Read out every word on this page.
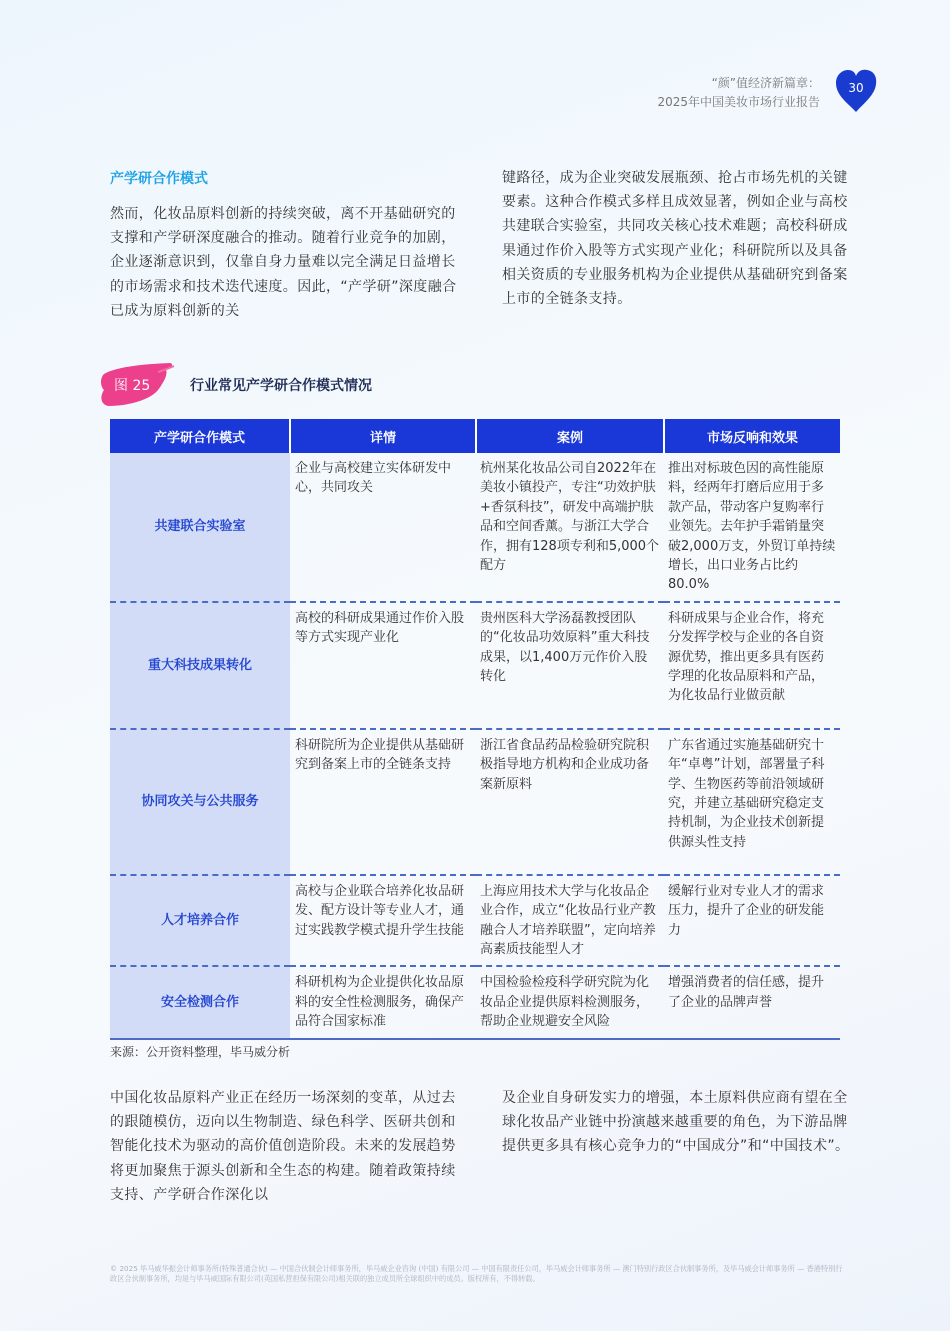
“颜”值经济新篇章：
2025年中国美妆市场行业报告
30
产学研合作模式
然而，化妆品原料创新的持续突破，离不开基础研究的支撑和产学研深度融合的推动。随着行业竞争的加剧，企业逐渐意识到，仅靠自身力量难以完全满足日益增长的市场需求和技术迭代速度。因此，“产学研”深度融合已成为原料创新的关
键路径，成为企业突破发展瓶颈、抢占市场先机的关键要素。这种合作模式多样且成效显著，例如企业与高校共建联合实验室，共同攻关核心技术难题；高校科研成果通过作价入股等方式实现产业化；科研院所以及具备相关资质的专业服务机构为企业提供从基础研究到备案上市的全链条支持。
图 25	行业常见产学研合作模式情况
产学研合作模式	详情	案例	市场反响和效果
共建联合实验室	企业与高校建立实体研发中心，共同攻关	杭州某化妆品公司自2022年在美妆小镇投产，专注“功效护肤+香氛科技”，研发中高端护肤品和空间香薰。与浙江大学合作，拥有128项专利和5,000个配方	推出对标玻色因的高性能原料，经两年打磨后应用于多款产品，带动客户复购率行业领先。去年护手霜销量突破2,000万支，外贸订单持续增长，出口业务占比约80.0%
重大科技成果转化	高校的科研成果通过作价入股等方式实现产业化	贵州医科大学汤磊教授团队的“化妆品功效原料”重大科技成果，以1,400万元作价入股转化	科研成果与企业合作，将充分发挥学校与企业的各自资源优势，推出更多具有医药学理的化妆品原料和产品，为化妆品行业做贡献
协同攻关与公共服务	科研院所为企业提供从基础研究到备案上市的全链条支持	浙江省食品药品检验研究院积极指导地方机构和企业成功备案新原料	广东省通过实施基础研究十年“卓粤”计划，部署量子科学、生物医药等前沿领域研究，并建立基础研究稳定支持机制，为企业技术创新提供源头性支持
人才培养合作	高校与企业联合培养化妆品研发、配方设计等专业人才，通过实践教学模式提升学生技能	上海应用技术大学与化妆品企业合作，成立“化妆品行业产教融合人才培养联盟”，定向培养高素质技能型人才	缓解行业对专业人才的需求压力，提升了企业的研发能力
安全检测合作	科研机构为企业提供化妆品原料的安全性检测服务，确保产品符合国家标准	中国检验检疫科学研究院为化妆品企业提供原料检测服务，帮助企业规避安全风险	增强消费者的信任感，提升了企业的品牌声誉
来源：公开资料整理，毕马威分析
中国化妆品原料产业正在经历一场深刻的变革，从过去的跟随模仿，迈向以生物制造、绿色科学、医研共创和智能化技术为驱动的高价值创造阶段。未来的发展趋势将更加聚焦于源头创新和全生态的构建。随着政策持续支持、产学研合作深化以
及企业自身研发实力的增强，本土原料供应商有望在全球化妆品产业链中扮演越来越重要的角色，为下游品牌提供更多具有核心竞争力的“中国成分”和“中国技术”。
© 2025 毕马威华振会计师事务所(特殊普通合伙) — 中国合伙制会计师事务所，毕马威企业咨询 (中国) 有限公司 — 中国有限责任公司，毕马威会计师事务所 — 澳门特别行政区合伙制事务所，及毕马威会计师事务所 — 香港特别行政区合伙制事务所，均是与毕马威国际有限公司(英国私营担保有限公司)相关联的独立成员所全球组织中的成员。版权所有，不得转载。
